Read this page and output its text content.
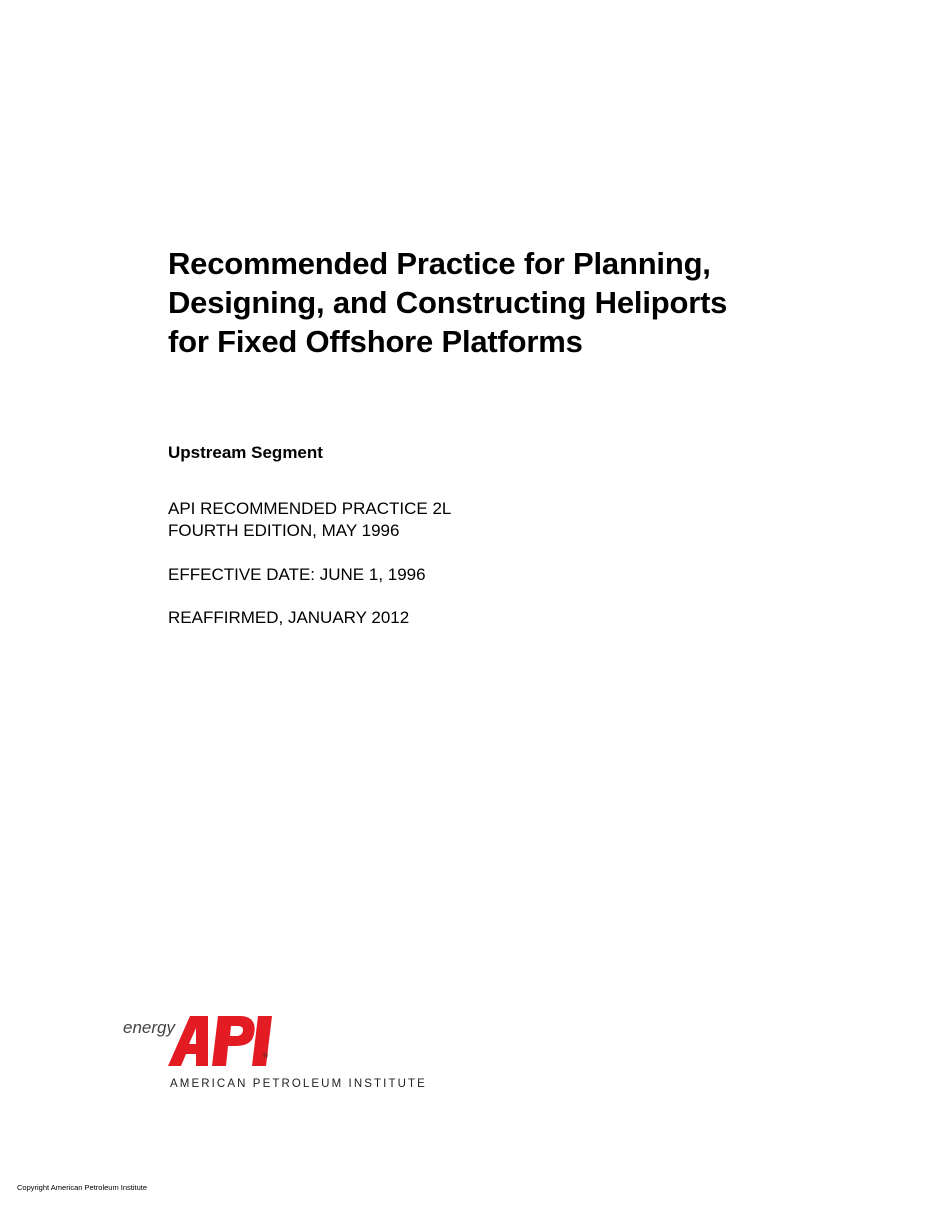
Recommended Practice for Planning,
Designing, and Constructing Heliports
for Fixed Offshore Platforms
Upstream Segment
API RECOMMENDED PRACTICE 2L
FOURTH EDITION, MAY 1996
EFFECTIVE DATE: JUNE 1, 1996
REAFFIRMED, JANUARY 2012
energy
®
AMERICAN PETROLEUM INSTITUTE
Copyright American Petroleum Institute
